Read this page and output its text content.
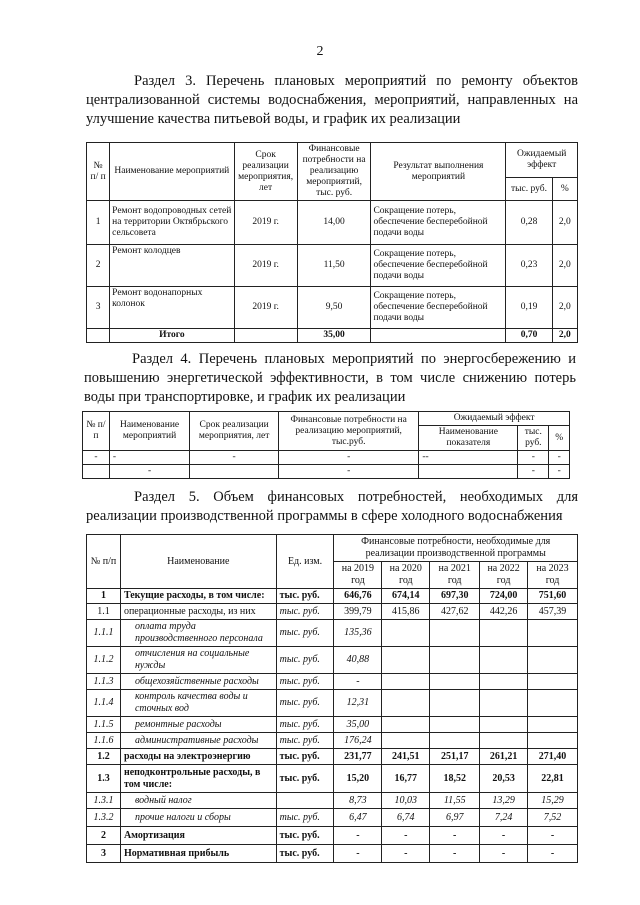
2

Раздел 3. Перечень плановых мероприятий по ремонту объектов централизованной системы водоснабжения, мероприятий, направленных на улучшение качества питьевой воды, и график их реализации

№ п/ п	Наименование мероприятий	Срок реализации мероприятия, лет	Финансовые потребности на реализацию мероприятий, тыс. руб.	Результат выполнения мероприятий	Ожидаемый эффект	
					тыс. руб.	%
1	Ремонт водопроводных сетей на территории Октябрьского сельсовета	2019 г.	14,00	Сокращение потерь, обеспечение бесперебойной подачи воды	0,28	2,0
2	Ремонт колодцев	2019 г.	11,50	Сокращение потерь, обеспечение бесперебойной подачи воды	0,23	2,0
3	Ремонт водонапорных колонок	2019 г.	9,50	Сокращение потерь, обеспечение бесперебойной подачи воды	0,19	2,0
	Итого		35,00		0,70	2,0

Раздел 4. Перечень плановых мероприятий по энергосбережению и повышению энергетической эффективности, в том числе снижению потерь воды при транспортировке, и график их реализации

№ п/п	Наименование мероприятий	Срок реализации мероприятия, лет	Финансовые потребности на реализацию мероприятий, тыс.руб.	Ожидаемый эффект		
				Наименование показателя	тыс. руб.	%
-	-	-	-	--	-	-
	-		-		-	-

Раздел 5. Объем финансовых потребностей, необходимых для реализации производственной программы в сфере холодного водоснабжения

№ п/п	Наименование	Ед. изм.	Финансовые потребности, необходимые для реализации производственной программы				
			на 2019 год	на 2020 год	на 2021 год	на 2022 год	на 2023 год
1	Текущие расходы, в том числе:	тыс. руб.	646,76	674,14	697,30	724,00	751,60
1.1	операционные расходы, из них	тыс. руб.	399,79	415,86	427,62	442,26	457,39
1.1.1	оплата труда производственного персонала	тыс. руб.	135,36				
1.1.2	отчисления на социальные нужды	тыс. руб.	40,88				
1.1.3	общехозяйственные расходы	тыс. руб.	-				
1.1.4	контроль качества воды и сточных вод	тыс. руб.	12,31				
1.1.5	ремонтные расходы	тыс. руб.	35,00				
1.1.6	административные расходы	тыс. руб.	176,24				
1.2	расходы на электроэнергию	тыс. руб.	231,77	241,51	251,17	261,21	271,40
1.3	неподконтрольные расходы, в том числе:	тыс. руб.	15,20	16,77	18,52	20,53	22,81
1.3.1	водный налог		8,73	10,03	11,55	13,29	15,29
1.3.2	прочие налоги и сборы	тыс. руб.	6,47	6,74	6,97	7,24	7,52
2	Амортизация	тыс. руб.	-	-	-	-	-
3	Нормативная прибыль	тыс. руб.	-	-	-	-	-
